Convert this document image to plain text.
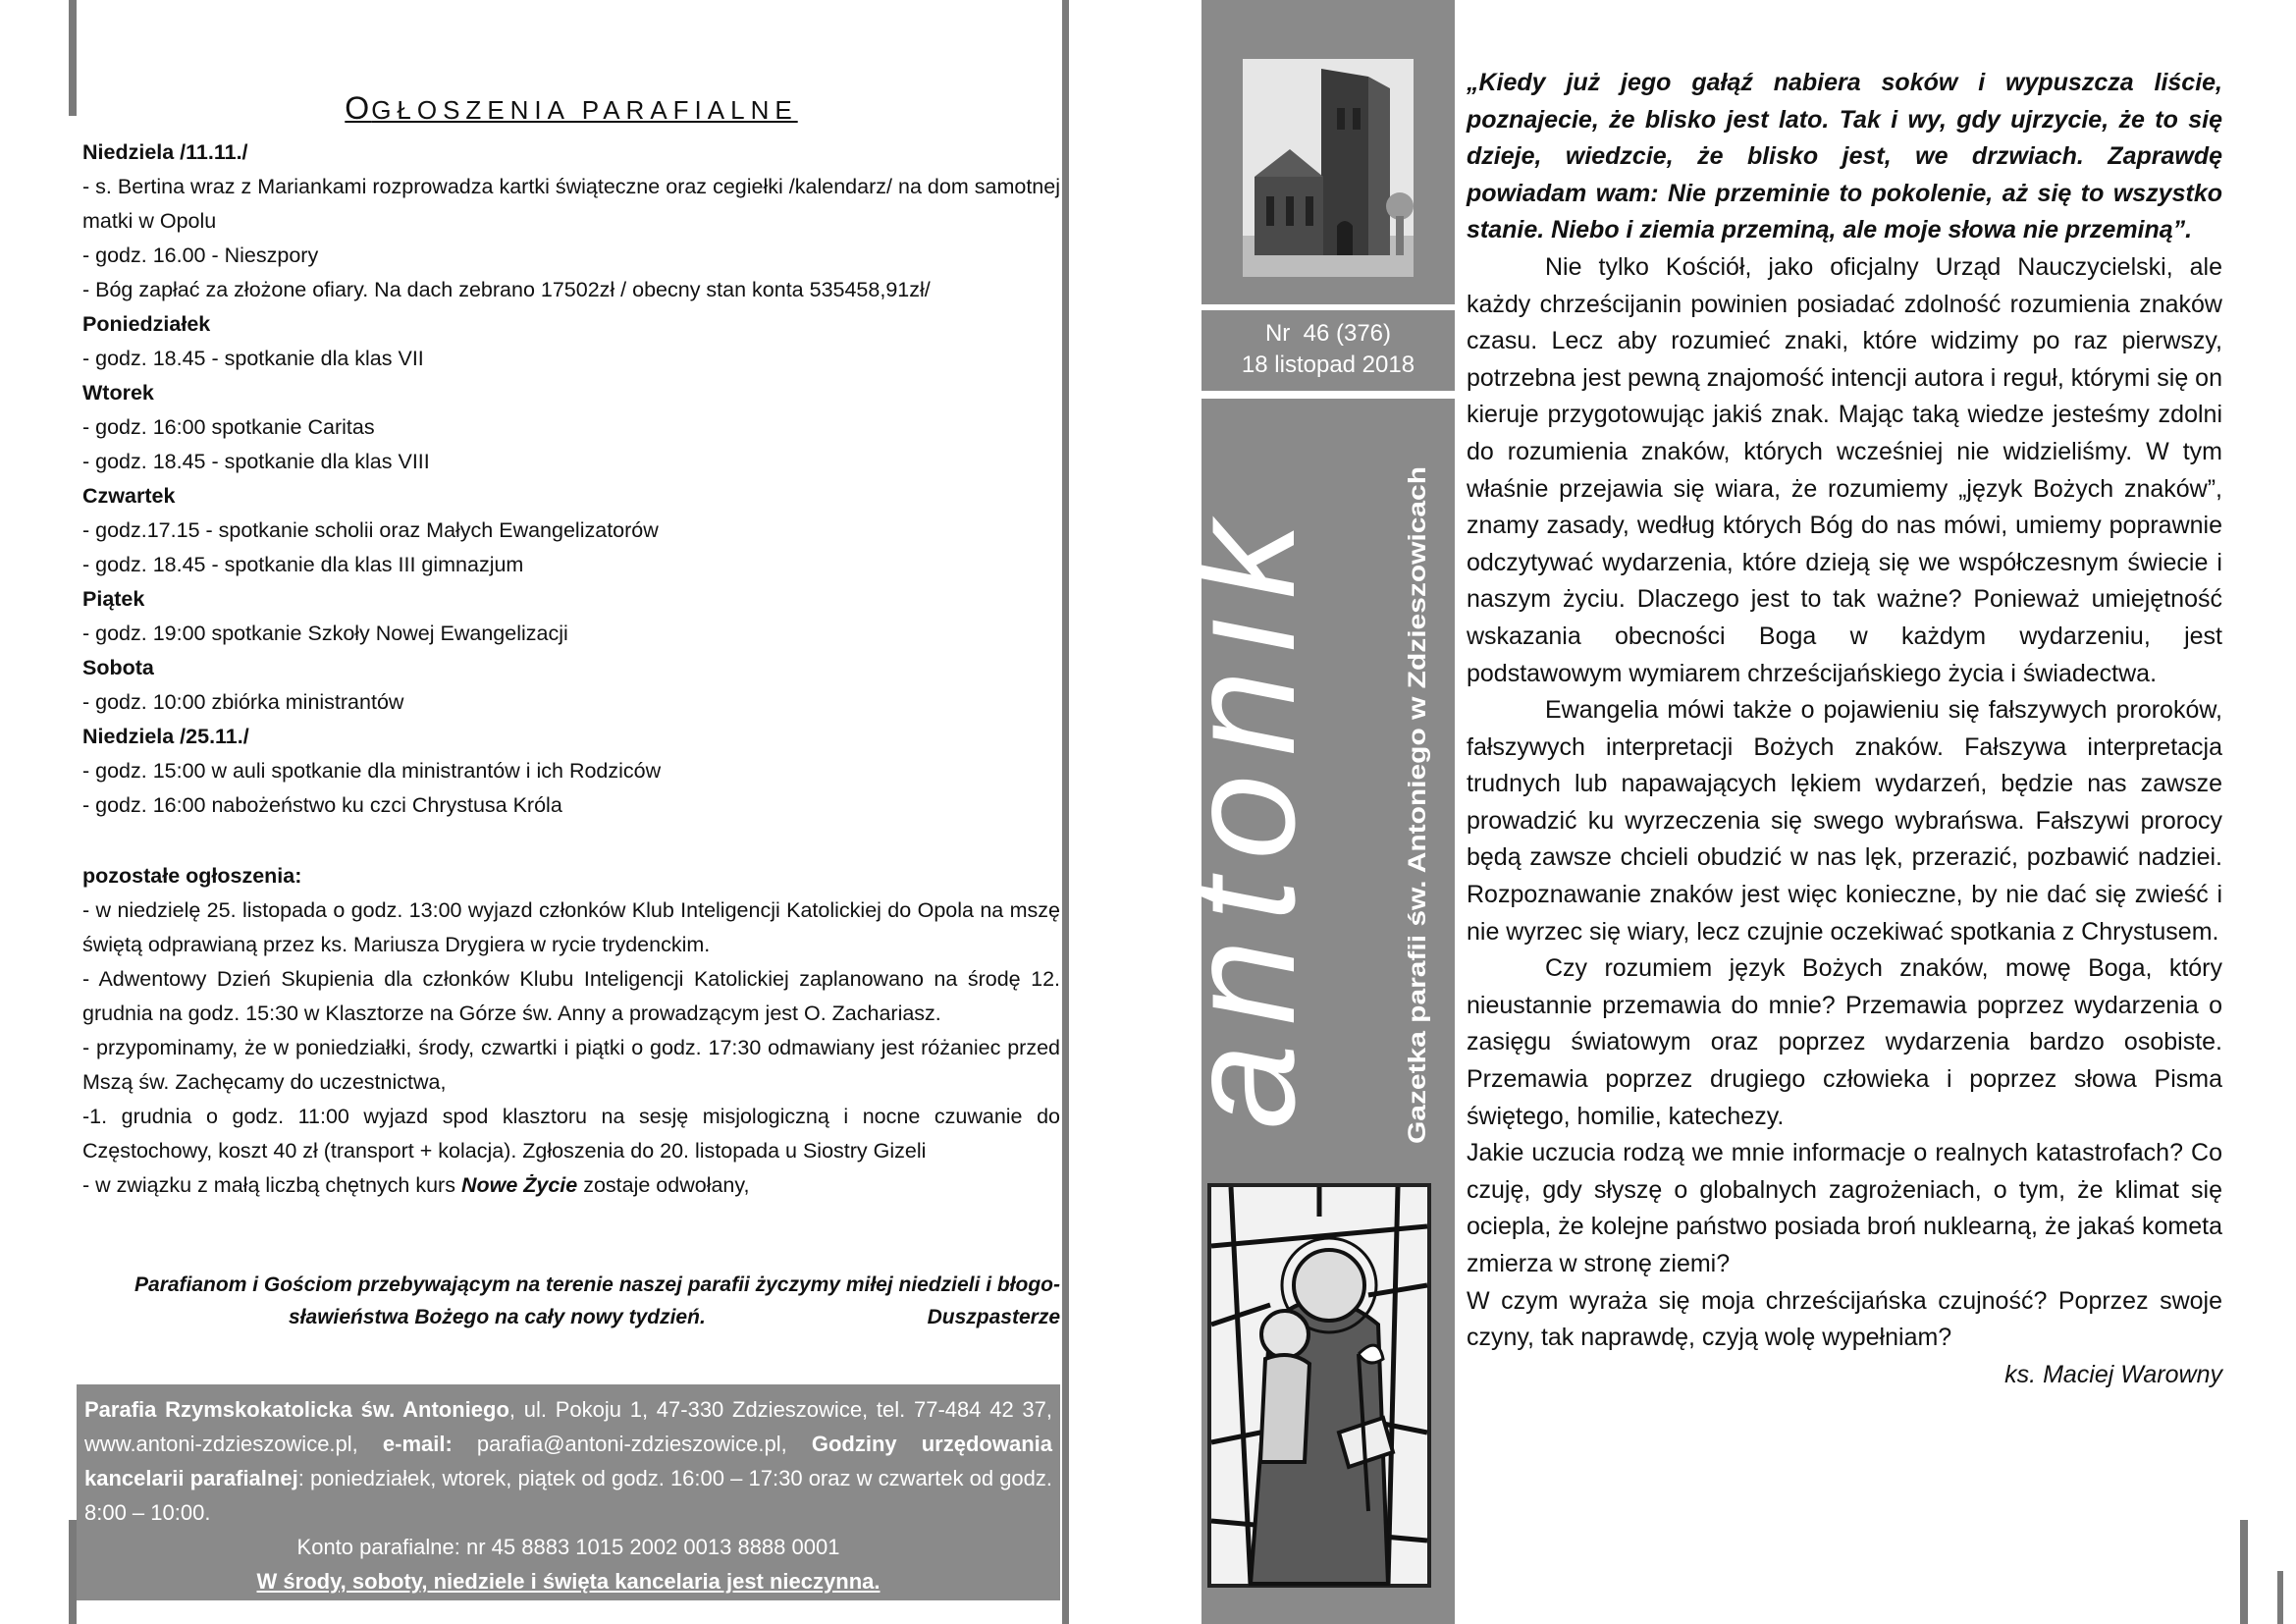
OGŁOSZENIA PARAFIALNE
Niedziela /11.11./
- s. Bertina wraz z Mariankami rozprowadza kartki świąteczne oraz cegiełki /kalendarz/ na dom samotnej matki w Opolu
- godz. 16.00 - Nieszpory
- Bóg zapłać za złożone ofiary. Na dach zebrano 17502zł / obecny stan konta 535458,91zł/
Poniedziałek
- godz. 18.45 - spotkanie dla klas VII
Wtorek
- godz. 16:00 spotkanie Caritas
- godz. 18.45 - spotkanie dla klas VIII
Czwartek
- godz.17.15 - spotkanie scholii oraz Małych Ewangelizatorów
- godz. 18.45 - spotkanie dla klas III gimnazjum
Piątek
- godz. 19:00 spotkanie Szkoły Nowej Ewangelizacji
Sobota
- godz. 10:00 zbiórka ministrantów
Niedziela /25.11./
- godz. 15:00 w auli spotkanie dla ministrantów i ich Rodziców
- godz. 16:00 nabożeństwo ku czci Chrystusa Króla
pozostałe ogłoszenia:
- w niedzielę 25. listopada o godz. 13:00 wyjazd członków Klub Inteligencji Katolickiej do Opola na mszę świętą odprawianą przez ks. Mariusza Drygiera w rycie trydenckim.
- Adwentowy Dzień Skupienia dla członków Klubu Inteligencji Katolickiej zaplanowano na środę 12. grudnia na godz. 15:30 w Klasztorze na Górze św. Anny a prowadzącym jest O. Zachariasz.
- przypominamy, że w poniedziałki, środy, czwartki i piątki o godz. 17:30 odmawiany jest różaniec przed Mszą św. Zachęcamy do uczestnictwa,
-1. grudnia o godz. 11:00 wyjazd spod klasztoru na sesję misjologiczną i nocne czuwanie do Częstochowy, koszt 40 zł (transport + kolacja). Zgłoszenia do 20. listopada u Siostry Gizeli
- w związku z małą liczbą chętnych kurs Nowe Życie zostaje odwołany,
Parafianom i Gościom przebywającym na terenie naszej parafii życzymy miłej niedzieli i błogo-
sławieństwa Bożego na cały nowy tydzień.	Duszpasterze
Parafia Rzymskokatolicka św. Antoniego, ul. Pokoju 1, 47-330 Zdzieszowice, tel. 77-484 42 37, www.antoni-zdzieszowice.pl, e-mail: parafia@antoni-zdzieszowice.pl, Godziny urzędowania kancelarii parafialnej: poniedziałek, wtorek, piątek od godz. 16:00 – 17:30 oraz w czwartek od godz. 8:00 – 10:00.
Konto parafialne: nr 45 8883 1015 2002 0013 8888 0001
W środy, soboty, niedziele i święta kancelaria jest nieczynna.
Nr  46 (376)
18 listopad 2018
antonik
Gazetka parafii św. Antoniego w Zdzieszowicach
„Kiedy już jego gałąź nabiera soków i wypuszcza liście, poznajecie, że blisko jest lato. Tak i wy, gdy ujrzycie, że to się dzieje, wiedzcie, że blisko jest, we drzwiach. Zaprawdę powiadam wam: Nie przeminie to pokolenie, aż się to wszystko stanie. Niebo i ziemia przeminą, ale moje słowa nie przeminą”.
Nie tylko Kościół, jako oficjalny Urząd Nauczycielski, ale każdy chrześcijanin powinien posiadać zdolność rozumienia znaków czasu. Lecz aby rozumieć znaki, które widzimy po raz pierwszy, potrzebna jest pewną znajomość intencji autora i reguł, którymi się on kieruje przygotowując jakiś znak. Mając taką wiedze jesteśmy zdolni do rozumienia znaków, których wcześniej nie widzieliśmy. W tym właśnie przejawia się wiara, że rozumiemy „język Bożych znaków”, znamy zasady, według których Bóg do nas mówi, umiemy poprawnie odczytywać wydarzenia, które dzieją się we współczesnym świecie i naszym życiu. Dlaczego jest to tak ważne? Ponieważ umiejętność wskazania obecności Boga w każdym wydarzeniu, jest podstawowym wymiarem chrześcijańskiego życia i świadectwa.
Ewangelia mówi także o pojawieniu się fałszywych proroków, fałszywych interpretacji Bożych znaków. Fałszywa interpretacja trudnych lub napawających lękiem wydarzeń, będzie nas zawsze prowadzić ku wyrzeczenia się swego wybrańswa. Fałszywi prorocy będą zawsze chcieli obudzić w nas lęk, przerazić, pozbawić nadziei. Rozpoznawanie znaków jest więc konieczne, by nie dać się zwieść i nie wyrzec się wiary, lecz czujnie oczekiwać spotkania z Chrystusem.
Czy rozumiem język Bożych znaków, mowę Boga, który nieustannie przemawia do mnie? Przemawia poprzez wydarzenia o zasięgu światowym oraz poprzez wydarzenia bardzo osobiste. Przemawia poprzez drugiego człowieka i poprzez słowa Pisma świętego, homilie, katechezy.
Jakie uczucia rodzą we mnie informacje o realnych katastrofach? Co czuję, gdy słyszę o globalnych zagrożeniach, o tym, że klimat się ociepla, że kolejne państwo posiada broń nuklearną, że jakaś kometa zmierza w stronę ziemi?
W czym wyraża się moja chrześcijańska czujność? Poprzez swoje czyny, tak naprawdę, czyją wolę wypełniam?
ks. Maciej Warowny
